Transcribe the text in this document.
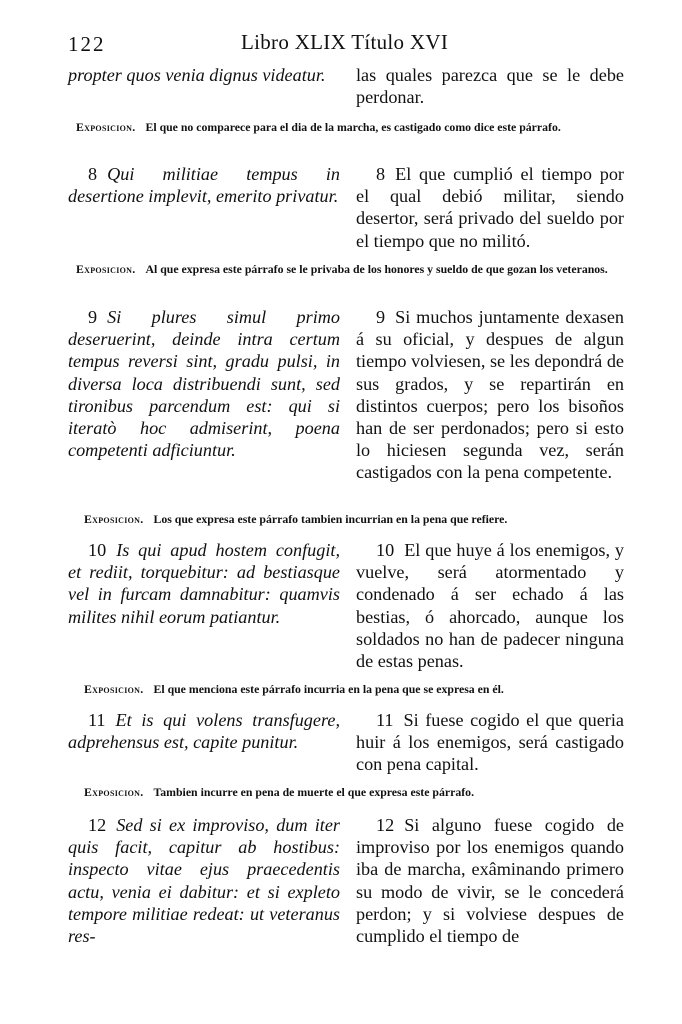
122	Libro XLIX Título XVI
propter quos venia dignus videatur.	las quales parezca que se le debe perdonar.
Exposicion. El que no comparece para el dia de la marcha, es castigado como dice este párrafo.
8 Qui militiae tempus in desertione implevit, emerito privatur.
8 El que cumplió el tiempo por el qual debió militar, siendo desertor, será privado del sueldo por el tiempo que no militó.
Exposicion. Al que expresa este párrafo se le privaba de los honores y sueldo de que gozan los veteranos.
9 Si plures simul primo deseruerint, deinde intra certum tempus reversi sint, gradu pulsi, in diversa loca distribuendi sunt, sed tironibus parcendum est: qui si iteratò hoc admiserint, poena competenti adficiuntur.
9 Si muchos juntamente dexasen á su oficial, y despues de algun tiempo volviesen, se les depondrá de sus grados, y se repartirán en distintos cuerpos; pero los bisoños han de ser perdonados; pero si esto lo hiciesen segunda vez, serán castigados con la pena competente.
Exposicion. Los que expresa este párrafo tambien incurrian en la pena que refiere.
10 Is qui apud hostem confugit, et rediit, torquebitur: ad bestiasque vel in furcam damnabitur: quamvis milites nihil eorum patiantur.
10 El que huye á los enemigos, y vuelve, será atormentado y condenado á ser echado á las bestias, ó ahorcado, aunque los soldados no han de padecer ninguna de estas penas.
Exposicion. El que menciona este párrafo incurria en la pena que se expresa en él.
11 Et is qui volens transfugere, adprehensus est, capite punitur.
11 Si fuese cogido el que queria huir á los enemigos, será castigado con pena capital.
Exposicion. Tambien incurre en pena de muerte el que expresa este párrafo.
12 Sed si ex improviso, dum iter quis facit, capitur ab hostibus: inspecto vitae ejus praecedentis actu, venia ei dabitur: et si expleto tempore militiae redeat: ut veteranus res-
12 Si alguno fuese cogido de improviso por los enemigos quando iba de marcha, exâminando primero su modo de vivir, se le concederá perdon; y si volviese despues de cumplido el tiempo de
